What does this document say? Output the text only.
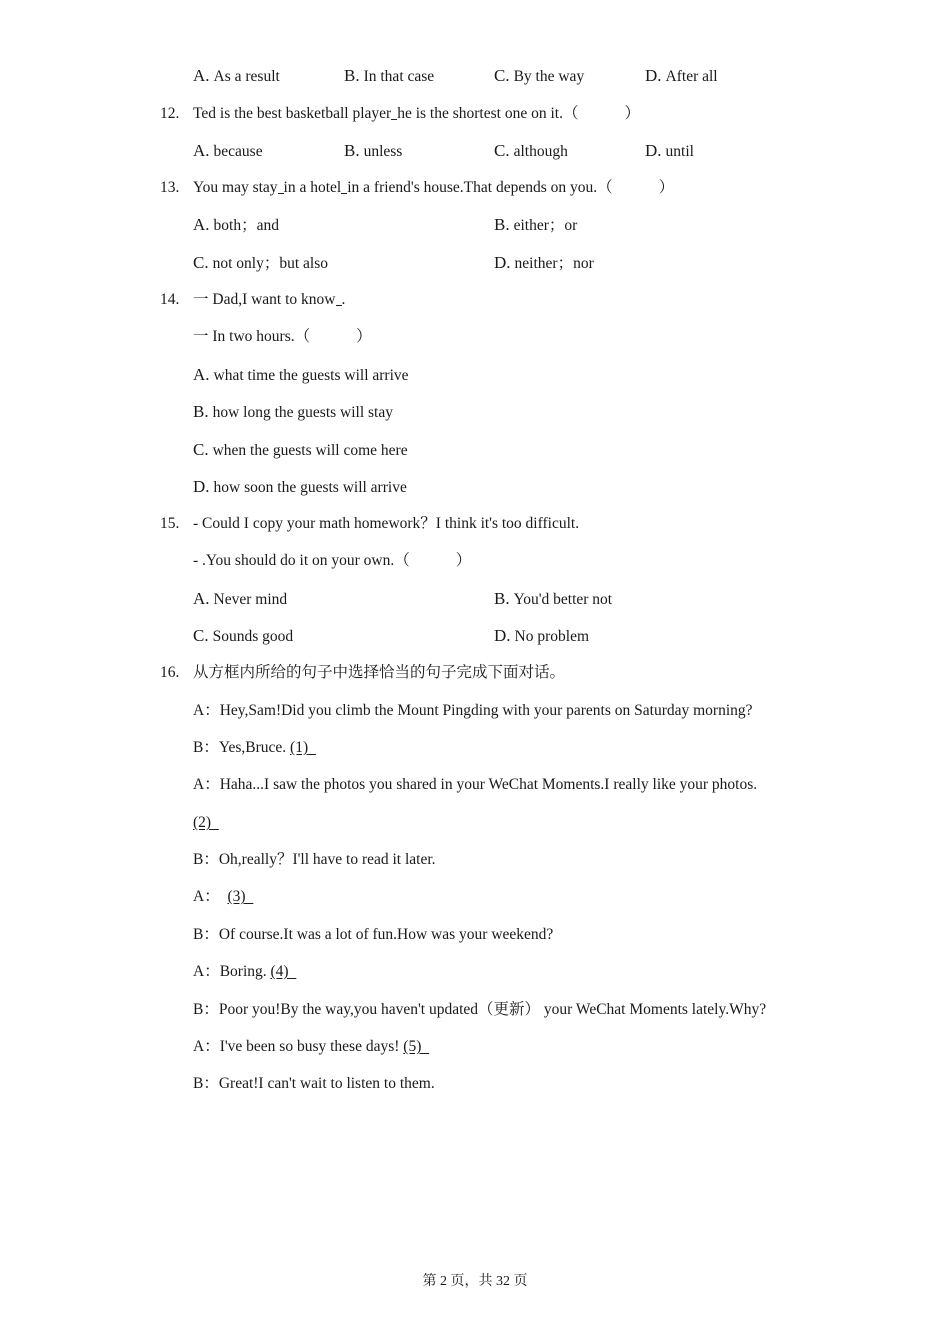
A. As a result	B. In that case	C. By the way	D. After all
12. Ted is the best basketball player he is the shortest one on it.（	）
A. because	B. unless	C. although	D. until
13. You may stay in a hotel in a friend's house.That depends on you.（	）
A. both；and	B. either；or
C. not only；but also	D. neither；nor
14. 一 Dad,I want to know .
一 In two hours.（	）
A. what time the guests will arrive
B. how long the guests will stay
C. when the guests will come here
D. how soon the guests will arrive
15. - Could I copy your math homework？I think it's too difficult.
- .You should do it on your own.（	）
A. Never mind	B. You'd better not
C. Sounds good	D. No problem
16. 从方框内所给的句子中选择恰当的句子完成下面对话。
A：Hey,Sam!Did you climb the Mount Pingding with your parents on Saturday morning?
B：Yes,Bruce. (1)
A：Haha...I saw the photos you shared in your WeChat Moments.I really like your photos.
(2)
B：Oh,really？I'll have to read it later.
A： (3)
B：Of course.It was a lot of fun.How was your weekend?
A：Boring. (4)
B：Poor you!By the way,you haven't updated（更新） your WeChat Moments lately.Why?
A：I've been so busy these days! (5)
B：Great!I can't wait to listen to them.
第 2 页，共 32 页
